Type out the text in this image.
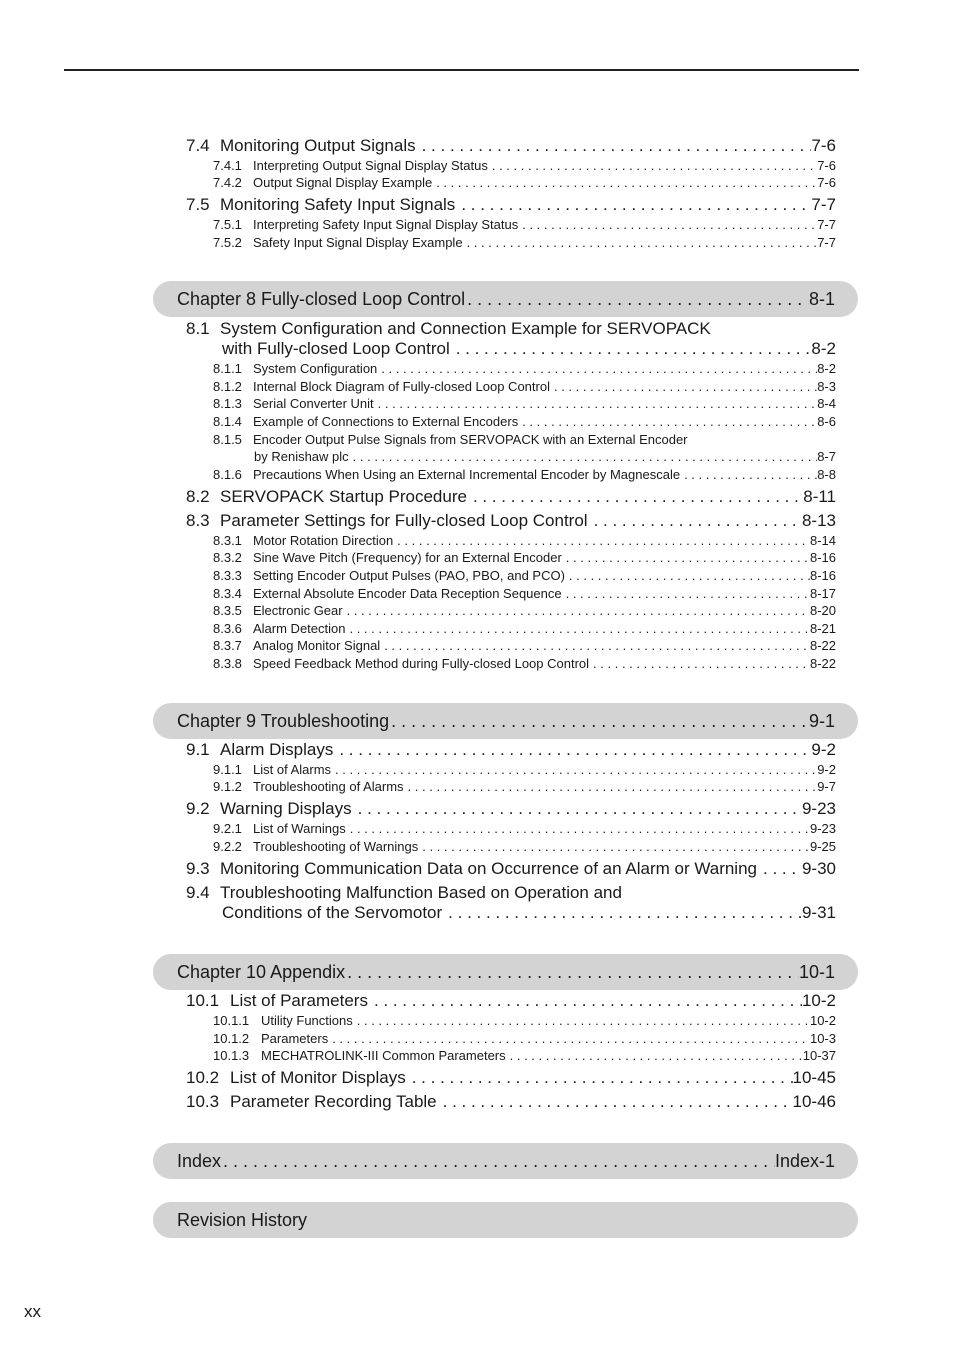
7.4 Monitoring Output Signals . . .	7-6
7.4.1 Interpreting Output Signal Display Status . . .	7-6
7.4.2 Output Signal Display Example . . .	7-6
7.5 Monitoring Safety Input Signals . . .	7-7
7.5.1 Interpreting Safety Input Signal Display Status . . .	7-7
7.5.2 Safety Input Signal Display Example . . .	7-7
Chapter 8 Fully-closed Loop Control . . .	8-1
8.1 System Configuration and Connection Example for SERVOPACK
with Fully-closed Loop Control . . .	8-2
8.1.1 System Configuration . . .	8-2
8.1.2 Internal Block Diagram of Fully-closed Loop Control . . .	8-3
8.1.3 Serial Converter Unit . . .	8-4
8.1.4 Example of Connections to External Encoders . . .	8-6
8.1.5 Encoder Output Pulse Signals from SERVOPACK with an External Encoder
by Renishaw plc . . .	8-7
8.1.6 Precautions When Using an External Incremental Encoder by Magnescale . . .	8-8
8.2 SERVOPACK Startup Procedure . . .	8-11
8.3 Parameter Settings for Fully-closed Loop Control . . .	8-13
8.3.1 Motor Rotation Direction . . .	8-14
8.3.2 Sine Wave Pitch (Frequency) for an External Encoder . . .	8-16
8.3.3 Setting Encoder Output Pulses (PAO, PBO, and PCO) . . .	8-16
8.3.4 External Absolute Encoder Data Reception Sequence . . .	8-17
8.3.5 Electronic Gear . . .	8-20
8.3.6 Alarm Detection . . .	8-21
8.3.7 Analog Monitor Signal . . .	8-22
8.3.8 Speed Feedback Method during Fully-closed Loop Control . . .	8-22
Chapter 9 Troubleshooting . . .	9-1
9.1 Alarm Displays . . .	9-2
9.1.1 List of Alarms . . .	9-2
9.1.2 Troubleshooting of Alarms . . .	9-7
9.2 Warning Displays . . .	9-23
9.2.1 List of Warnings . . .	9-23
9.2.2 Troubleshooting of Warnings . . .	9-25
9.3 Monitoring Communication Data on Occurrence of an Alarm or Warning . . .	9-30
9.4 Troubleshooting Malfunction Based on Operation and
Conditions of the Servomotor . . .	9-31
Chapter 10 Appendix . . .	10-1
10.1 List of Parameters . . .	10-2
10.1.1 Utility Functions . . .	10-2
10.1.2 Parameters . . .	10-3
10.1.3 MECHATROLINK-III Common Parameters . . .	10-37
10.2 List of Monitor Displays . . .	10-45
10.3 Parameter Recording Table . . .	10-46
Index . . .	Index-1
Revision History
xx
